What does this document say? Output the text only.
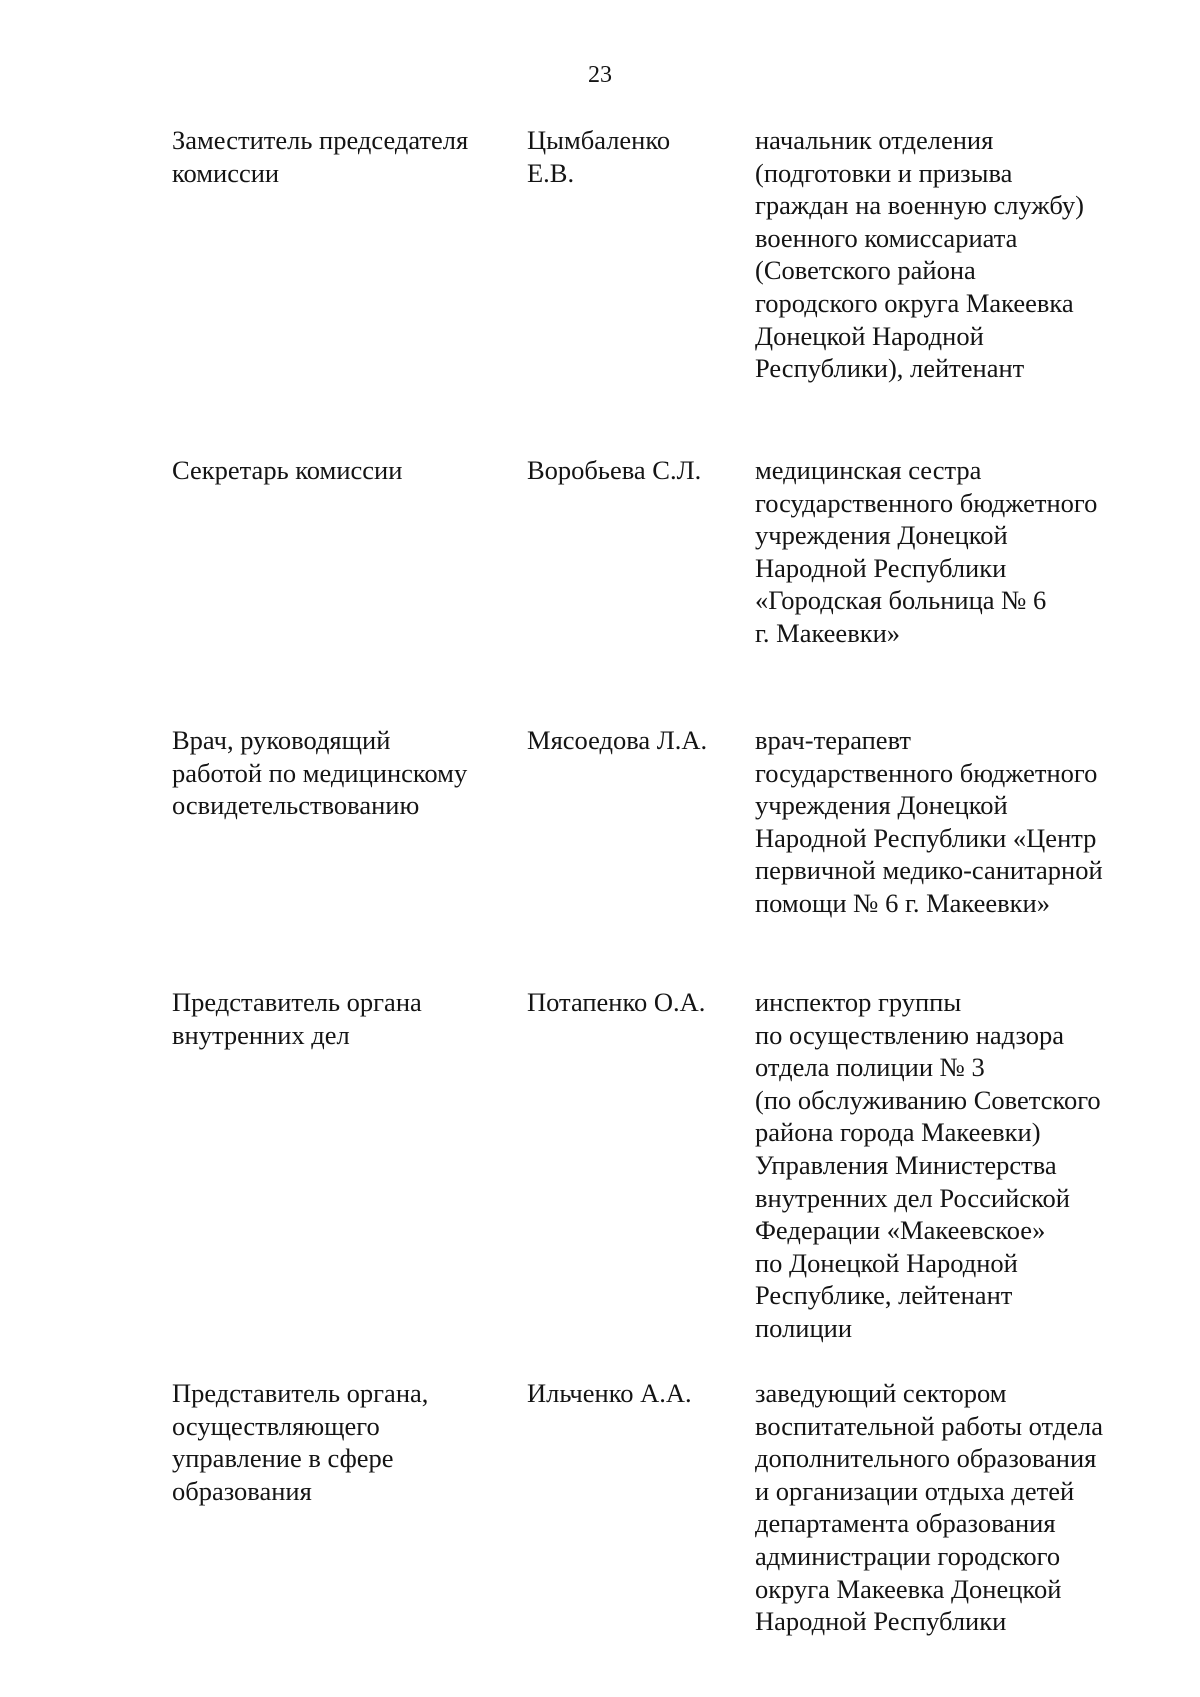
23
Заместитель председателя
комиссии
Цымбаленко
Е.В.
начальник отделения
(подготовки и призыва
граждан на военную службу)
военного комиссариата
(Советского района
городского округа Макеевка
Донецкой Народной
Республики), лейтенант
Секретарь комиссии	Воробьева С.Л. медицинская сестра
государственного бюджетного
учреждения Донецкой
Народной Республики
«Городская больница № 6
г. Макеевки»
Врач, руководящий
работой по медицинскому
освидетельствованию
Мясоедова Л.А. врач-терапевт
государственного бюджетного
учреждения Донецкой
Народной Республики «Центр
первичной медико-санитарной
помощи № 6 г. Макеевки»
Представитель органа
внутренних дел
Потапенко О.А. инспектор группы
по осуществлению надзора
отдела полиции № 3
(по обслуживанию Советского
района города Макеевки)
Управления Министерства
внутренних дел Российской
Федерации «Макеевское»
по Донецкой Народной
Республике, лейтенант
полиции
Представитель органа,
осуществляющего
управление в сфере
образования
Ильченко А.А. заведующий сектором
воспитательной работы отдела
дополнительного образования
и организации отдыха детей
департамента образования
администрации городского
округа Макеевка Донецкой
Народной Республики
